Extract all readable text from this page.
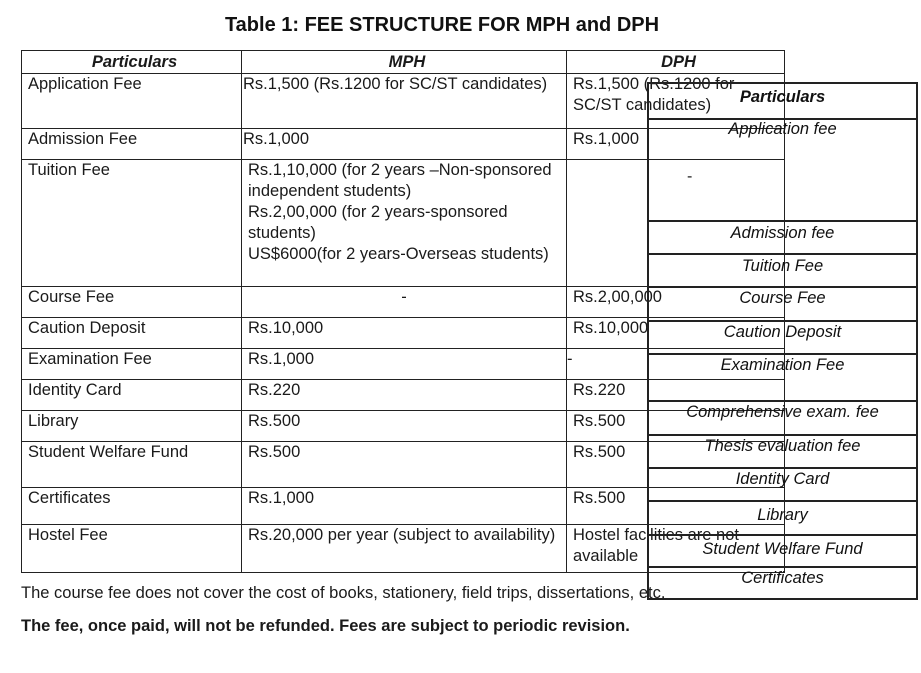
Table 1: FEE STRUCTURE FOR MPH and DPH
Particulars	MPH	DPH
Application Fee	Rs.1,500 (Rs.1200 for SC/ST candidates)	Rs.1,500 (Rs.1200 for SC/ST candidates)
Admission Fee	Rs.1,000	Rs.1,000
Tuition Fee	Rs.1,10,000 (for 2 years –Non-sponsored independent students)
Rs.2,00,000 (for 2 years-sponsored students)
US$6000(for 2 years-Overseas students)	

Course Fee	-	Rs.2,00,000
Caution Deposit	Rs.10,000	Rs.10,000
Examination Fee	Rs.1,000	-
Identity Card	Rs.220	Rs.220
Library	Rs.500	Rs.500
Student Welfare Fund	Rs.500	Rs.500
Certificates	Rs.1,000	Rs.500
Hostel Fee	Rs.20,000 per year (subject to availability)	Hostel facilities are not available
The course fee does not cover the cost of books, stationery, field trips, dissertations, etc.
The fee, once paid, will not be refunded. Fees are subject to periodic revision.
Particulars
Application fee
-
Admission fee
Tuition Fee
Course Fee
Caution Deposit
Examination Fee
Comprehensive exam. fee
Thesis evaluation fee
Identity Card
Library
Student Welfare Fund
Certificates
